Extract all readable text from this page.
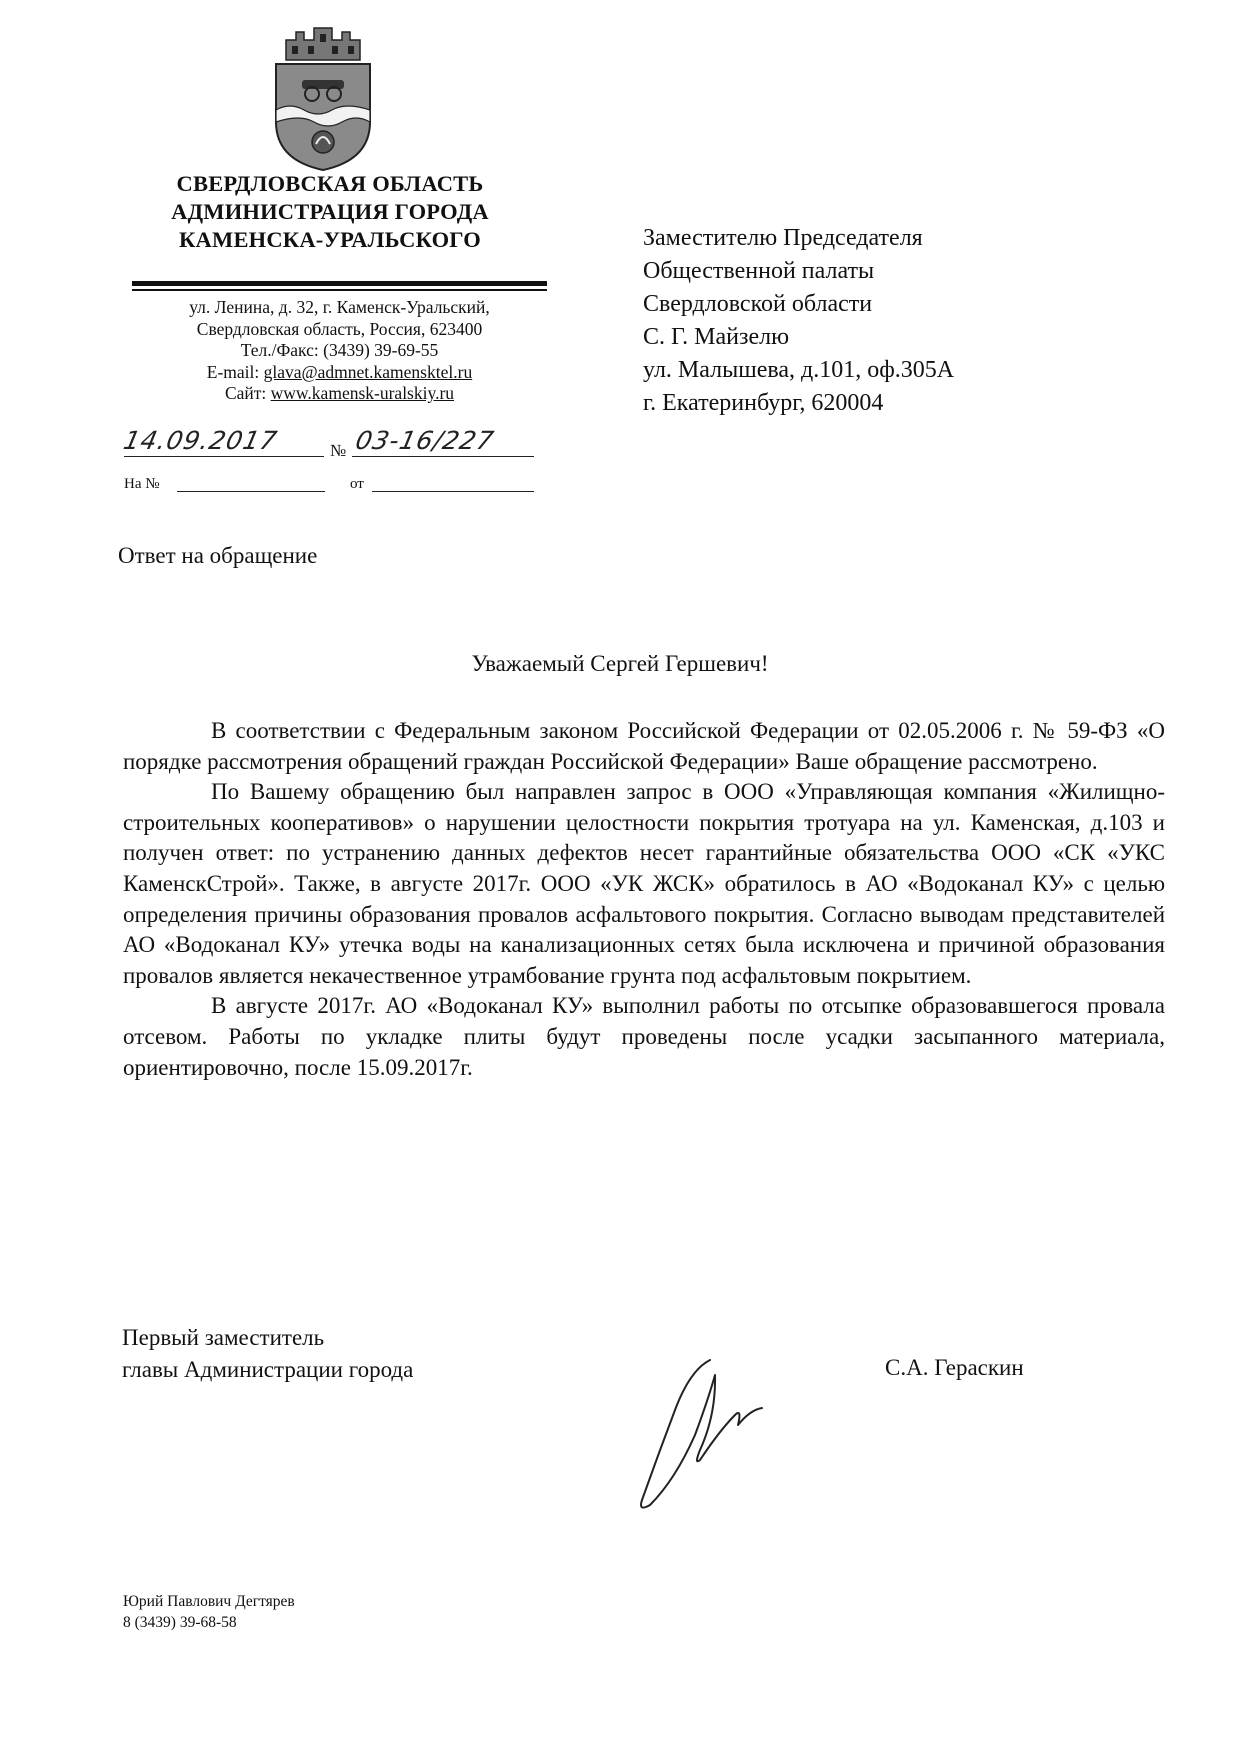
СВЕРДЛОВСКАЯ ОБЛАСТЬ
АДМИНИСТРАЦИЯ ГОРОДА
КАМЕНСКА-УРАЛЬСКОГО
ул. Ленина, д. 32, г. Каменск-Уральский,
Свердловская область, Россия, 623400
Тел./Факс: (3439) 39-69-55
E-mail: glava@admnet.kamensktel.ru
Сайт: www.kamensk-uralskiy.ru
14.09.2017	№ 03-16/227
На №	от
Заместителю Председателя
Общественной палаты
Свердловской области
С. Г. Майзелю
ул. Малышева, д.101, оф.305А
г. Екатеринбург, 620004
Ответ на обращение
Уважаемый Сергей Гершевич!

В соответствии с Федеральным законом Российской Федерации от 02.05.2006 г. № 59-ФЗ «О порядке рассмотрения обращений граждан Российской Федерации» Ваше обращение рассмотрено.

По Вашему обращению был направлен запрос в ООО «Управляющая компания «Жилищно-строительных кооперативов» о нарушении целостности покрытия тротуара на ул. Каменская, д.103 и получен ответ: по устранению данных дефектов несет гарантийные обязательства ООО «СК «УКС КаменскСтрой». Также, в августе 2017г. ООО «УК ЖСК» обратилось в АО «Водоканал КУ» с целью определения причины образования провалов асфальтового покрытия. Согласно выводам представителей АО «Водоканал КУ» утечка воды на канализационных сетях была исключена и причиной образования провалов является некачественное утрамбование грунта под асфальтовым покрытием.

В августе 2017г. АО «Водоканал КУ» выполнил работы по отсыпке образовавшегося провала отсевом. Работы по укладке плиты будут проведены после усадки засыпанного материала, ориентировочно, после 15.09.2017г.

Первый заместитель
главы Администрации города	С.А. Гераскин
Юрий Павлович Дегтярев
8 (3439) 39-68-58
